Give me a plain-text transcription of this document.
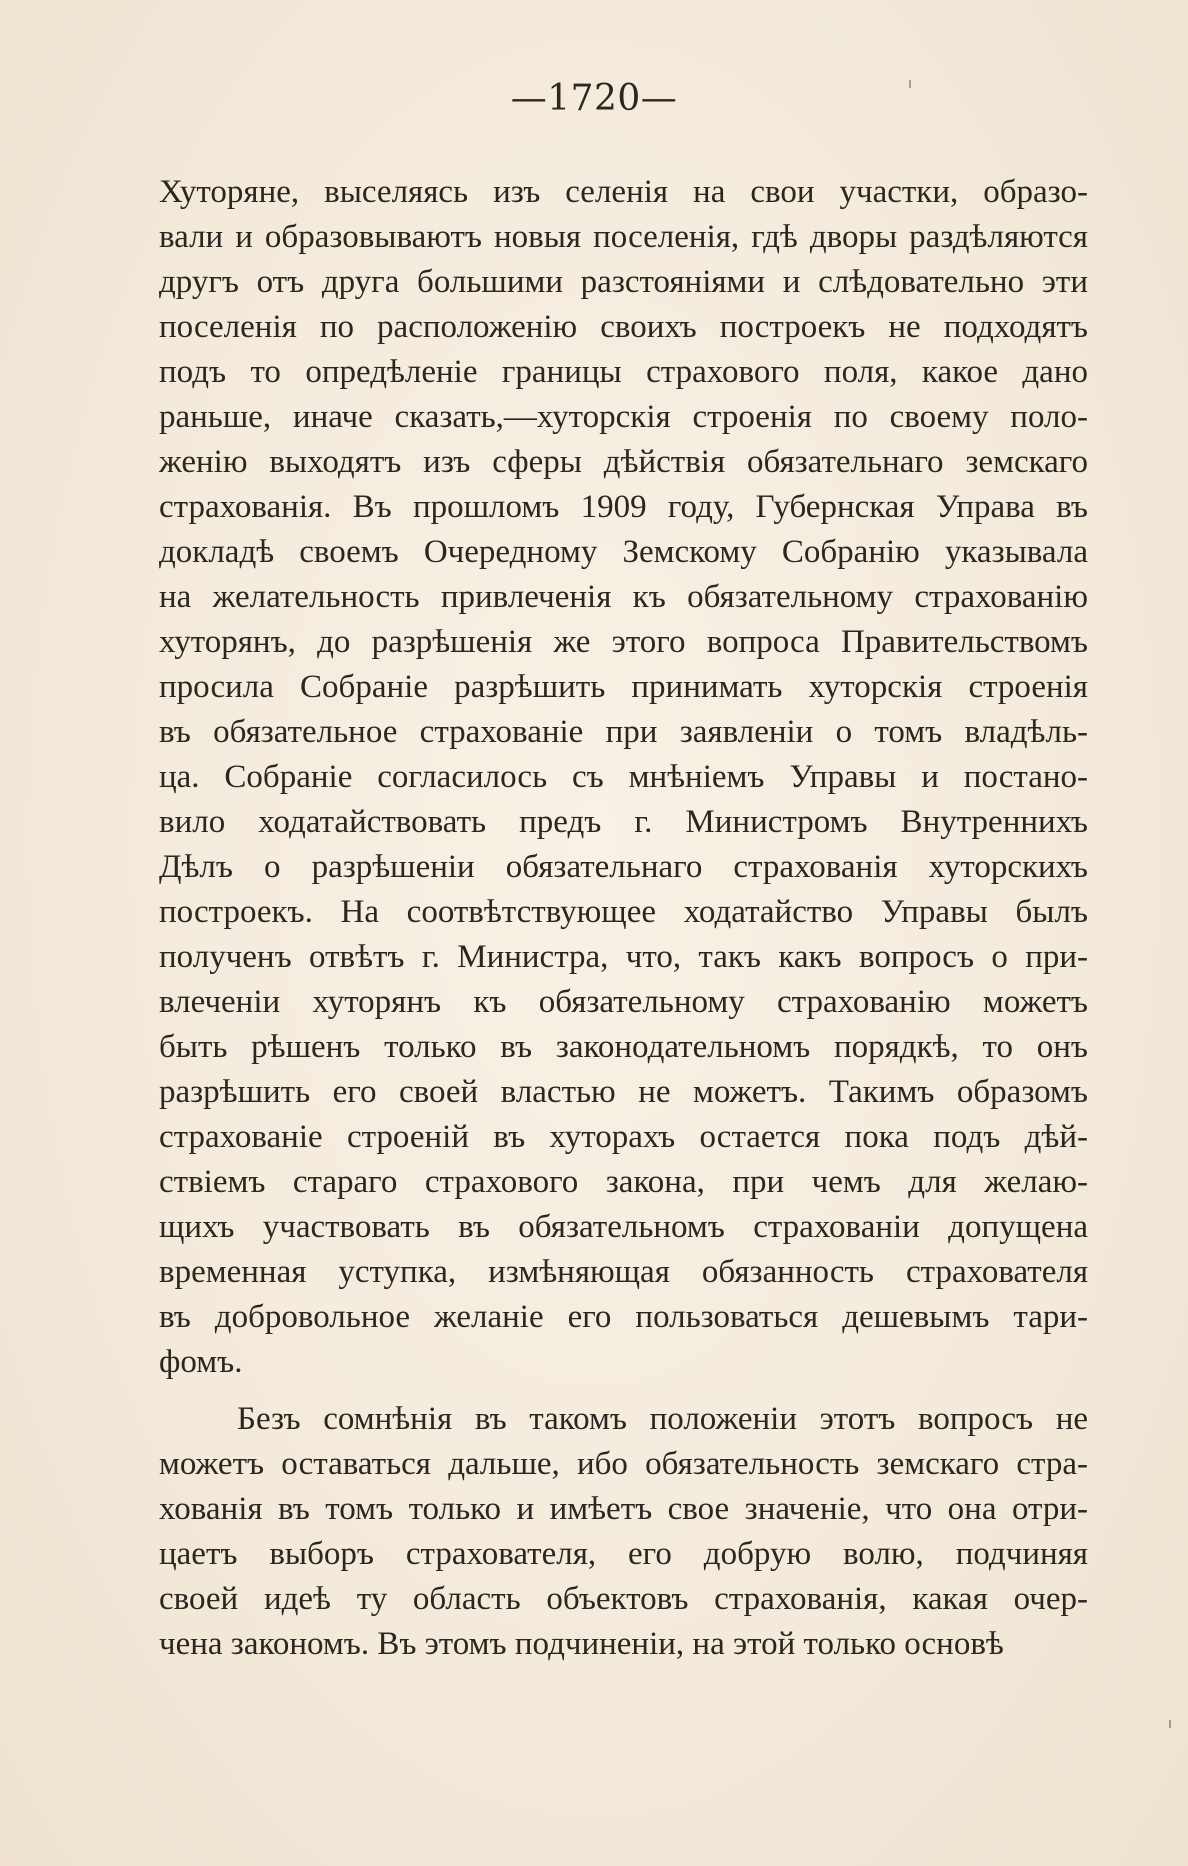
—1720—
Хуторяне, выселяясь изъ селенія на свои участки, образо-
вали и образовываютъ новыя поселенія, гдѣ дворы раздѣляются
другъ отъ друга большими разстояніями и слѣдовательно эти
поселенія по расположенію своихъ построекъ не подходятъ
подъ то опредѣленіе границы страхового поля, какое дано
раньше, иначе сказать,—хуторскія строенія по своему поло-
женію выходятъ изъ сферы дѣйствія обязательнаго земскаго
страхованія. Въ прошломъ 1909 году, Губернская Управа въ
докладѣ своемъ Очередному Земскому Собранію указывала
на желательность привлеченія къ обязательному страхованію
хуторянъ, до разрѣшенія же этого вопроса Правительствомъ
просила Собраніе разрѣшить принимать хуторскія строенія
въ обязательное страхованіе при заявленіи о томъ владѣль-
ца. Собраніе согласилось съ мнѣніемъ Управы и постано-
вило ходатайствовать предъ г. Министромъ Внутреннихъ
Дѣлъ о разрѣшеніи обязательнаго страхованія хуторскихъ
построекъ. На соотвѣтствующее ходатайство Управы былъ
полученъ отвѣтъ г. Министра, что, такъ какъ вопросъ о при-
влеченіи хуторянъ къ обязательному страхованію можетъ
быть рѣшенъ только въ законодательномъ порядкѣ, то онъ
разрѣшить его своей властью не можетъ. Такимъ образомъ
страхованіе строеній въ хуторахъ остается пока подъ дѣй-
ствіемъ стараго страхового закона, при чемъ для желаю-
щихъ участвовать въ обязательномъ страхованіи допущена
временная уступка, измѣняющая обязанность страхователя
въ добровольное желаніе его пользоваться дешевымъ тари-
фомъ.
Безъ сомнѣнія въ такомъ положеніи этотъ вопросъ не
можетъ оставаться дальше, ибо обязательность земскаго стра-
хованія въ томъ только и имѣетъ свое значеніе, что она отри-
цаетъ выборъ страхователя, его добрую волю, подчиняя
своей идеѣ ту область объектовъ страхованія, какая очер-
чена закономъ. Въ этомъ подчиненіи, на этой только основѣ
